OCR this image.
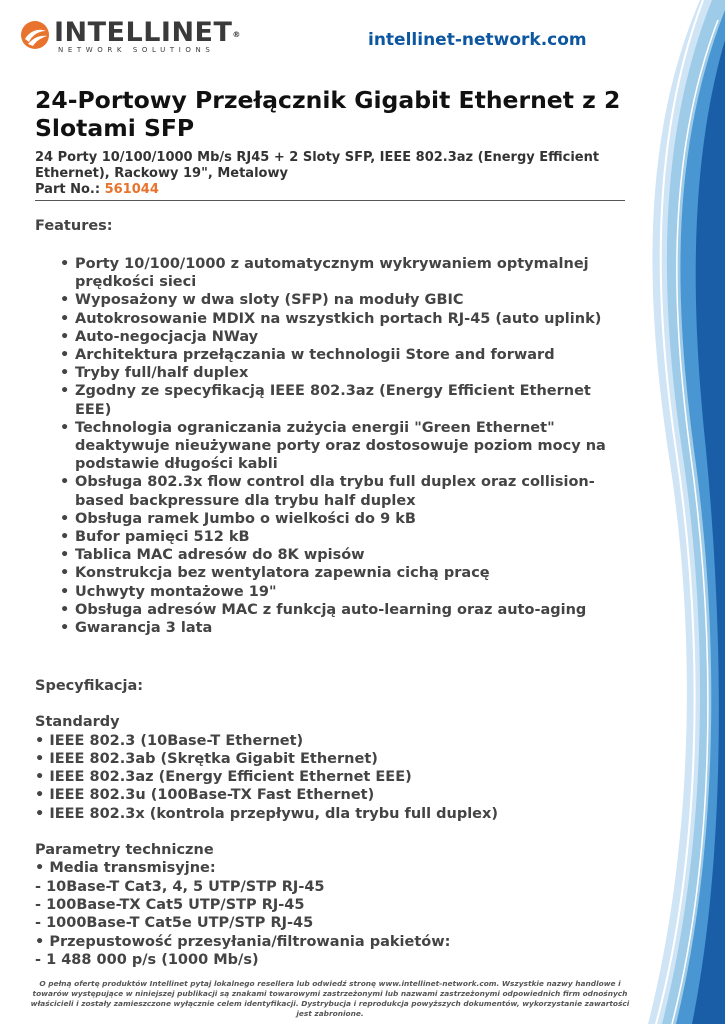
INTELLINET®
NETWORK SOLUTIONS	intellinet-network.com
24-Portowy Przełącznik Gigabit Ethernet z 2 Slotami SFP
24 Porty 10/100/1000 Mb/s RJ45 + 2 Sloty SFP, IEEE 802.3az (Energy Efficient Ethernet), Rackowy 19", Metalowy
Part No.: 561044
Features:
• Porty 10/100/1000 z automatycznym wykrywaniem optymalnej prędkości sieci
• Wyposażony w dwa sloty (SFP) na moduły GBIC
• Autokrosowanie MDIX na wszystkich portach RJ-45 (auto uplink)
• Auto-negocjacja NWay
• Architektura przełączania w technologii Store and forward
• Tryby full/half duplex
• Zgodny ze specyfikacją IEEE 802.3az (Energy Efficient Ethernet EEE)
• Technologia ograniczania zużycia energii "Green Ethernet" deaktywuje nieużywane porty oraz dostosowuje poziom mocy na podstawie długości kabli
• Obsługa 802.3x flow control dla trybu full duplex oraz collision-based backpressure dla trybu half duplex
• Obsługa ramek Jumbo o wielkości do 9 kB
• Bufor pamięci 512 kB
• Tablica MAC adresów do 8K wpisów
• Konstrukcja bez wentylatora zapewnia cichą pracę
• Uchwyty montażowe 19"
• Obsługa adresów MAC z funkcją auto-learning oraz auto-aging
• Gwarancja 3 lata
Specyfikacja:
Standardy
• IEEE 802.3 (10Base-T Ethernet)
• IEEE 802.3ab (Skrętka Gigabit Ethernet)
• IEEE 802.3az (Energy Efficient Ethernet EEE)
• IEEE 802.3u (100Base-TX Fast Ethernet)
• IEEE 802.3x (kontrola przepływu, dla trybu full duplex)
Parametry techniczne
• Media transmisyjne:
- 10Base-T Cat3, 4, 5 UTP/STP RJ-45
- 100Base-TX Cat5 UTP/STP RJ-45
- 1000Base-T Cat5e UTP/STP RJ-45
• Przepustowość przesyłania/filtrowania pakietów:
- 1 488 000 p/s (1000 Mb/s)
O pełną ofertę produktów Intellinet pytaj lokalnego resellera lub odwiedź stronę www.intellinet-network.com. Wszystkie nazwy handlowe i towarów występujące w niniejszej publikacji są znakami towarowymi zastrzeżonymi lub nazwami zastrzeżonymi odpowiednich firm odnośnych właścicieli i zostały zamieszczone wyłącznie celem identyfikacji. Dystrybucja i reprodukcja powyższych dokumentów, wykorzystanie zawartości jest zabronione.
